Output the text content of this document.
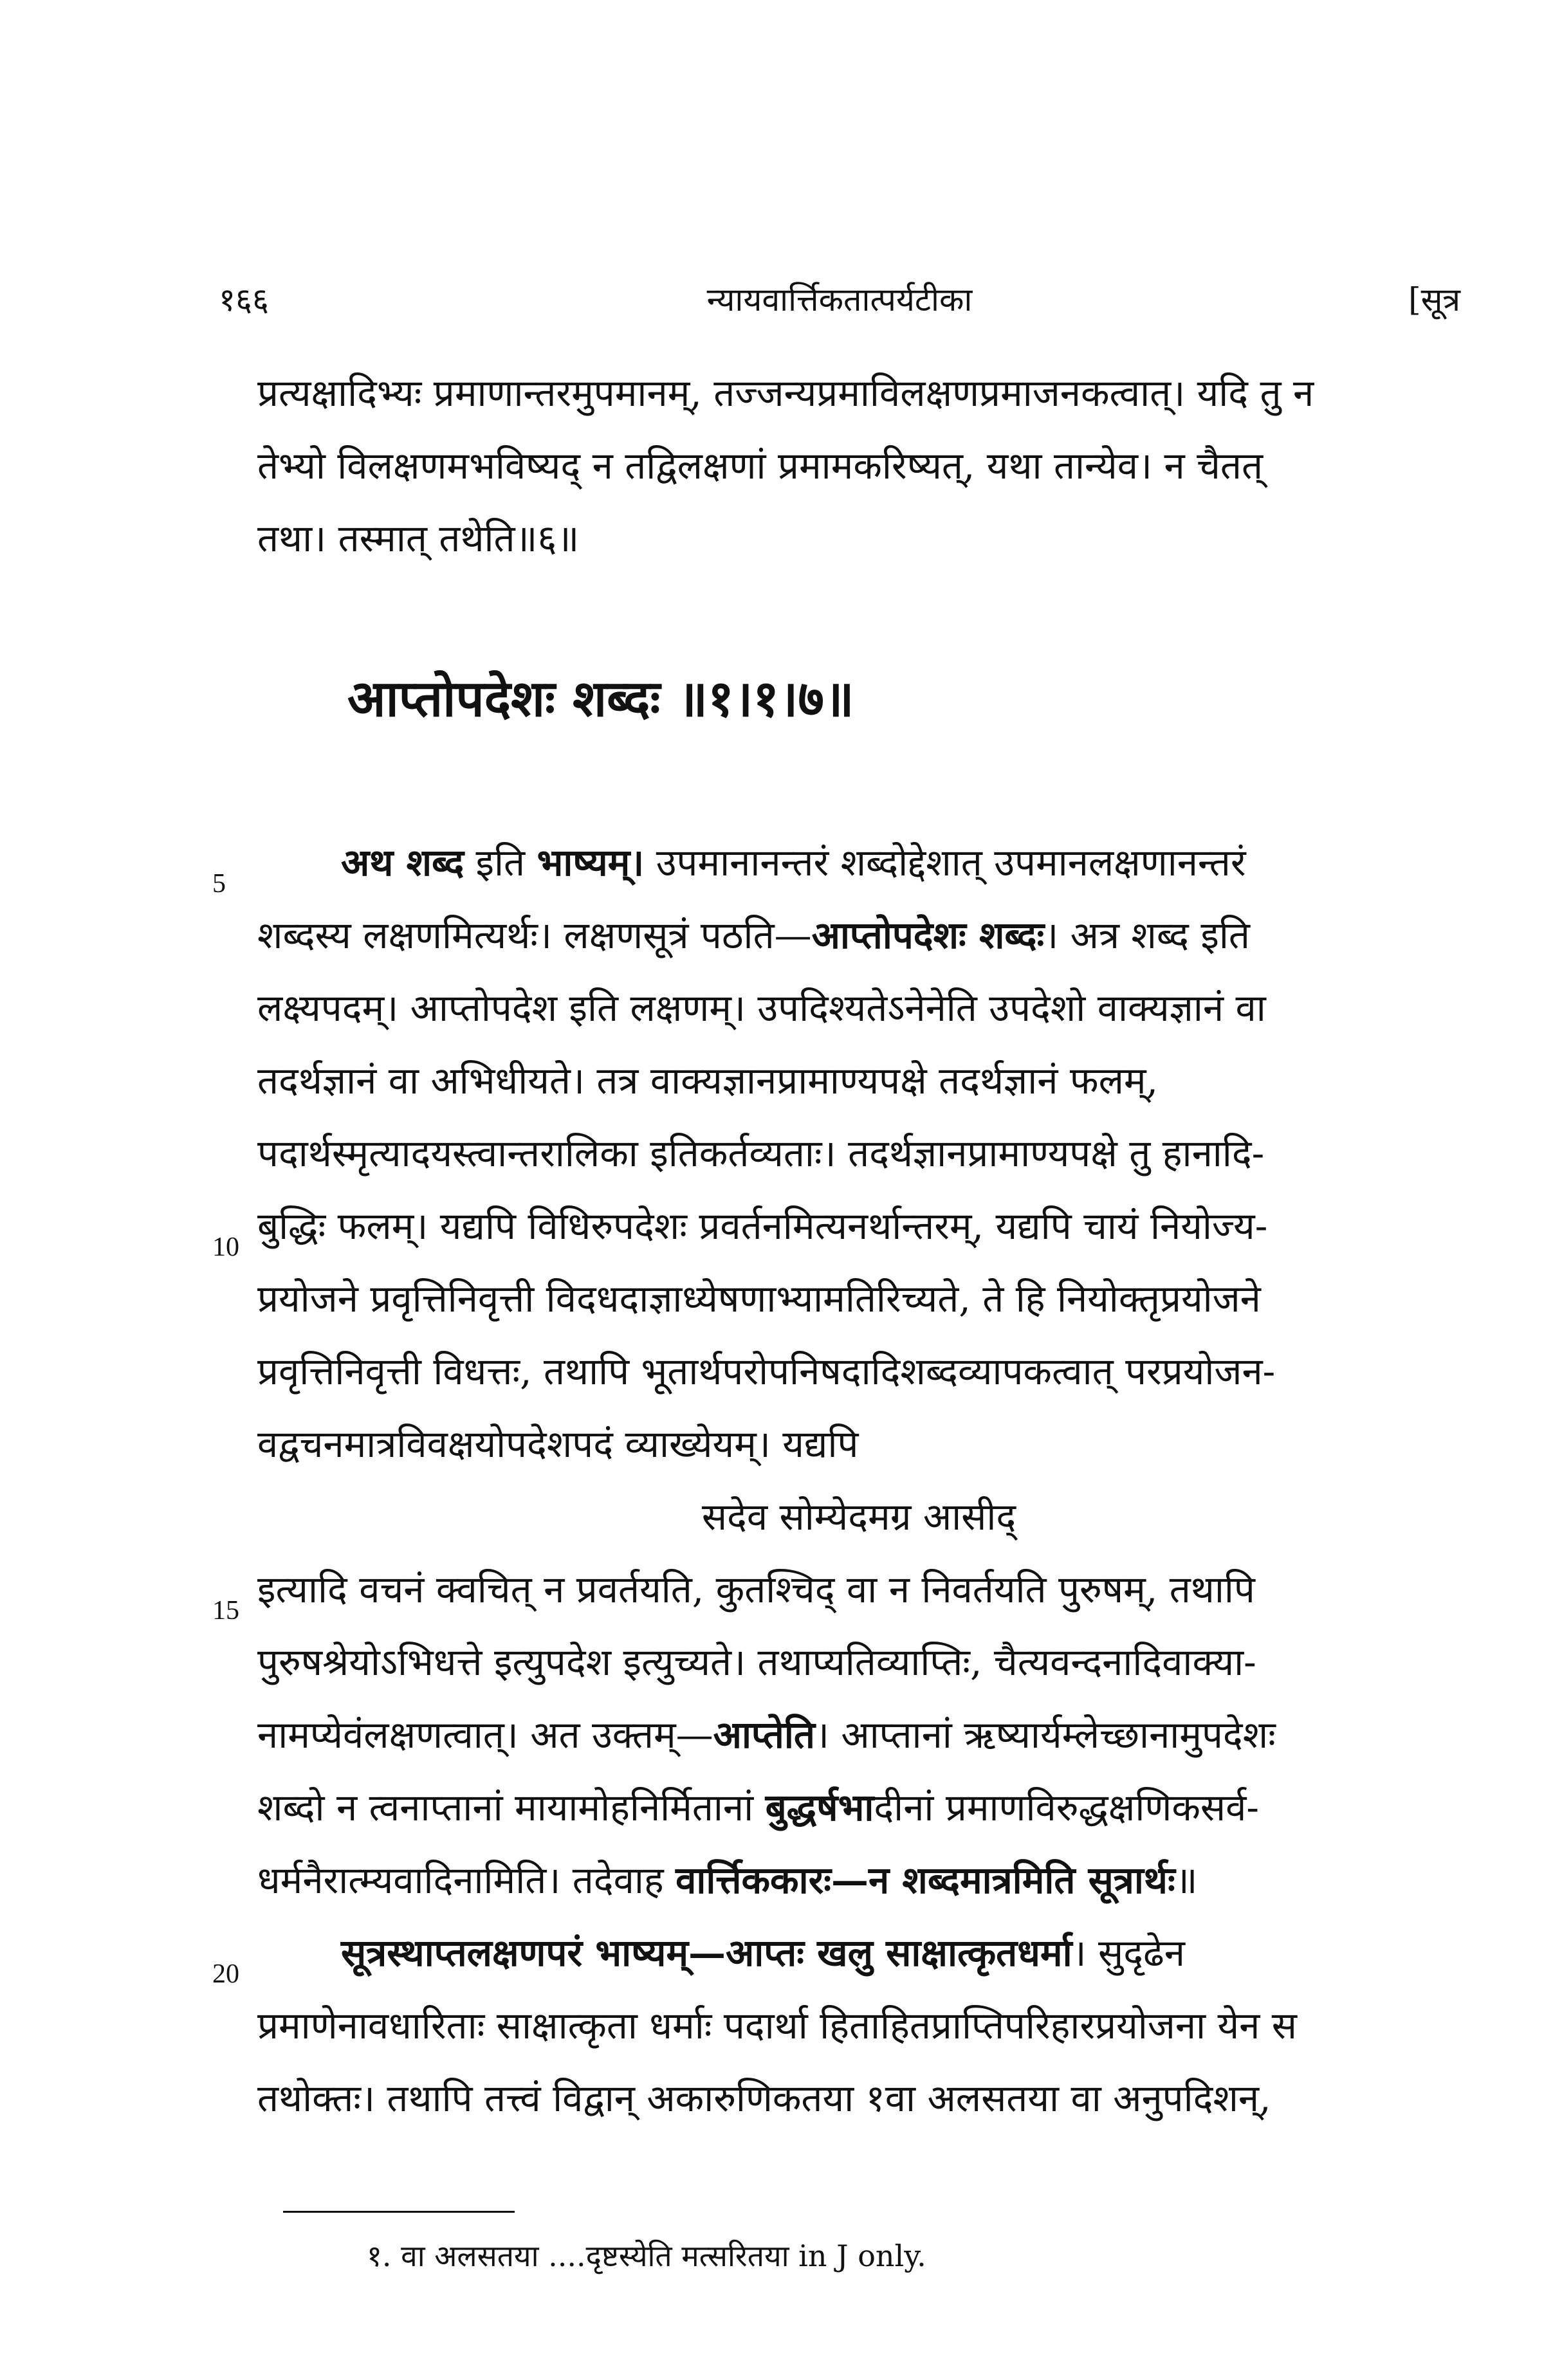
१६६	न्यायवार्त्तिकतात्पर्यटीका	[सूत्र
प्रत्यक्षादिभ्यः प्रमाणान्तरमुपमानम्, तज्जन्यप्रमाविलक्षणप्रमाजनकत्वात्। यदि तु न
तेभ्यो विलक्षणमभविष्यद् न तद्विलक्षणां प्रमामकरिष्यत्, यथा तान्येव। न चैतत्
तथा। तस्मात् तथेति॥६॥
आप्तोपदेशः शब्दः ॥१।१।७॥
5
10
15
20
अथ शब्द इति भाष्यम्। उपमानानन्तरं शब्दोद्देशात् उपमानलक्षणानन्तरं
शब्दस्य लक्षणमित्यर्थः। लक्षणसूत्रं पठति—आप्तोपदेशः शब्दः। अत्र शब्द इति
लक्ष्यपदम्। आप्तोपदेश इति लक्षणम्। उपदिश्यतेऽनेनेति उपदेशो वाक्यज्ञानं वा
तदर्थज्ञानं वा अभिधीयते। तत्र वाक्यज्ञानप्रामाण्यपक्षे तदर्थज्ञानं फलम्,
पदार्थस्मृत्यादयस्त्वान्तरालिका इतिकर्तव्यताः। तदर्थज्ञानप्रामाण्यपक्षे तु हानादि-
बुद्धिः फलम्। यद्यपि विधिरुपदेशः प्रवर्तनमित्यनर्थान्तरम्, यद्यपि चायं नियोज्य-
प्रयोजने प्रवृत्तिनिवृत्ती विदधदाज्ञाध्येषणाभ्यामतिरिच्यते, ते हि नियोक्तृप्रयोजने
प्रवृत्तिनिवृत्ती विधत्तः, तथापि भूतार्थपरोपनिषदादिशब्दव्यापकत्वात् परप्रयोजन-
वद्वचनमात्रविवक्षयोपदेशपदं व्याख्येयम्। यद्यपि
सदेव सोम्येदमग्र आसीद्
इत्यादि वचनं क्वचित् न प्रवर्तयति, कुतश्चिद् वा न निवर्तयति पुरुषम्, तथापि
पुरुषश्रेयोऽभिधत्ते इत्युपदेश इत्युच्यते। तथाप्यतिव्याप्तिः, चैत्यवन्दनादिवाक्या-
नामप्येवंलक्षणत्वात्। अत उक्तम्—आप्तेति। आप्तानां ऋष्यार्यम्लेच्छानामुपदेशः
शब्दो न त्वनाप्तानां मायामोहनिर्मितानां बुद्धर्षभादीनां प्रमाणविरुद्धक्षणिकसर्व-
धर्मनैरात्म्यवादिनामिति। तदेवाह वार्त्तिककारः—न शब्दमात्रमिति सूत्रार्थः॥
सूत्रस्थाप्तलक्षणपरं भाष्यम्—आप्तः खलु साक्षात्कृतधर्मा। सुदृढेन
प्रमाणेनावधारिताः साक्षात्कृता धर्माः पदार्था हिताहितप्राप्तिपरिहारप्रयोजना येन स
तथोक्तः। तथापि तत्त्वं विद्वान् अकारुणिकतया १वा अलसतया वा अनुपदिशन्,
१. वा अलसतया ....दृष्टस्येति मत्सरितया in J only.
